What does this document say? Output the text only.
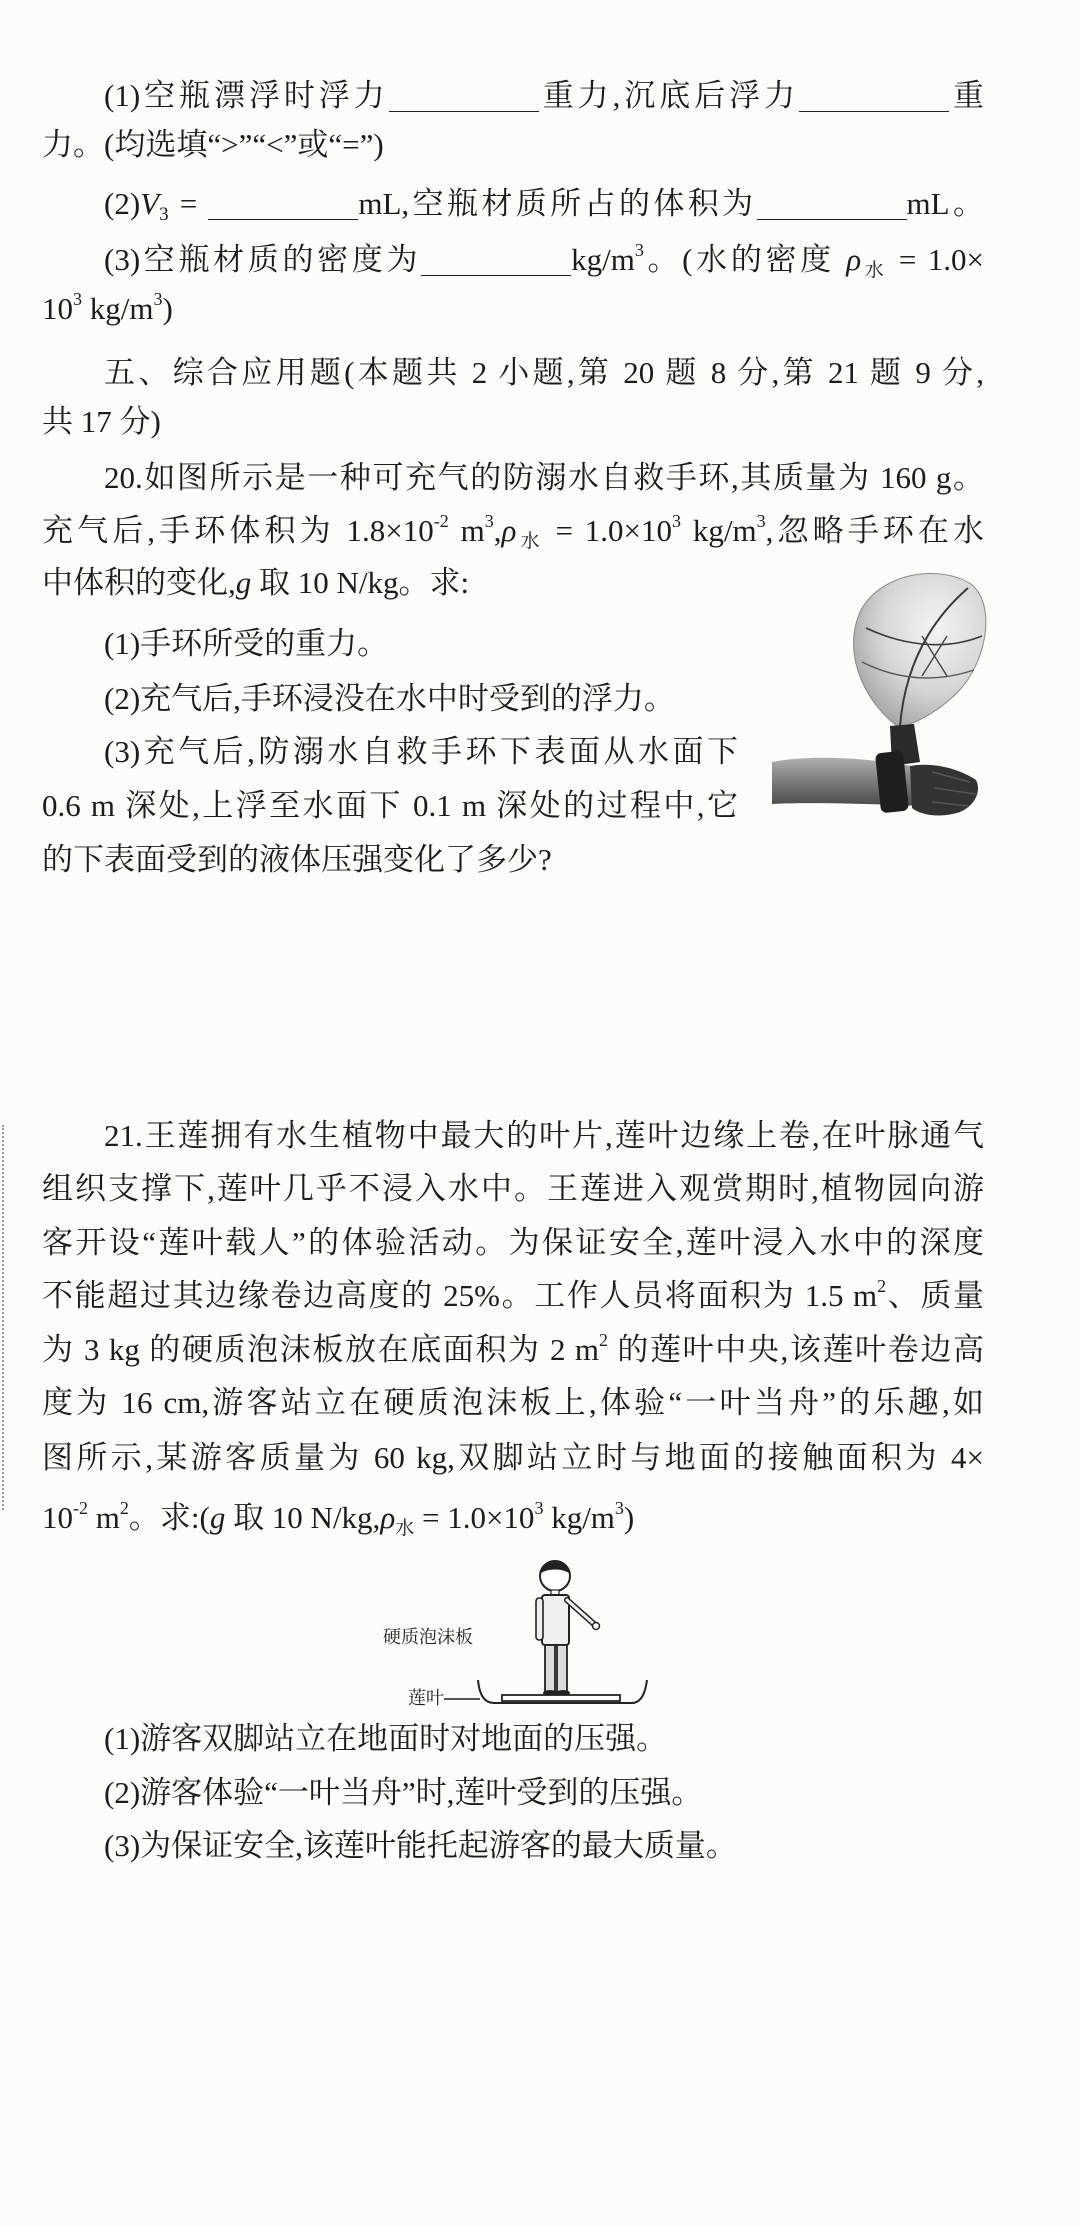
(1)空瓶漂浮时浮力	重力,沉底后浮力	重
力。(均选填“>”“<”或“=”)
$(2)V_3$ =	mL,空瓶材质所占的体积为	mL。
(3)空瓶材质的密度为	$kg/m^3$。(水的密度 $\rho_水 = 1.0\times$
$10^3$ $kg/m^3$)
五、综合应用题(本题共 2 小题,第 20 题 8 分,第 21 题 9 分,
共 17 分)
20.如图所示是一种可充气的防溺水自救手环,其质量为 160 g。
充气后,手环体积为 $1.8\times 10^{-2}$ $m^3,\rho_水 = 1.0\times 10^3$ $kg/m^3$,忽略手环在水
中体积的变化,g 取 10 N/kg。求:
(1)手环所受的重力。
(2)充气后,手环浸没在水中时受到的浮力。
(3)充气后,防溺水自救手环下表面从水面下
0.6 m 深处,上浮至水面下 0.1 m 深处的过程中,它
的下表面受到的液体压强变化了多少?
21.王莲拥有水生植物中最大的叶片,莲叶边缘上卷,在叶脉通气
组织支撑下,莲叶几乎不浸入水中。王莲进入观赏期时,植物园向游
客开设“莲叶载人”的体验活动。为保证安全,莲叶浸入水中的深度
不能超过其边缘卷边高度的 25%。工作人员将面积为 1.5 $m^2$、质量
为 3 kg 的硬质泡沫板放在底面积为 2 $m^2$ 的莲叶中央,该莲叶卷边高
度为 16 cm,游客站立在硬质泡沫板上,体验“一叶当舟”的乐趣,如
图所示,某游客质量为 60 kg,双脚站立时与地面的接触面积为 4×
$10^{-2}$ $m^2$。求:(g 取 10 $N/kg,\rho_水 = 1.0\times 10^3$ $kg/m^3$)
硬质泡沫板
莲叶
(1)游客双脚站立在地面时对地面的压强。
(2)游客体验“一叶当舟”时,莲叶受到的压强。
(3)为保证安全,该莲叶能托起游客的最大质量。
